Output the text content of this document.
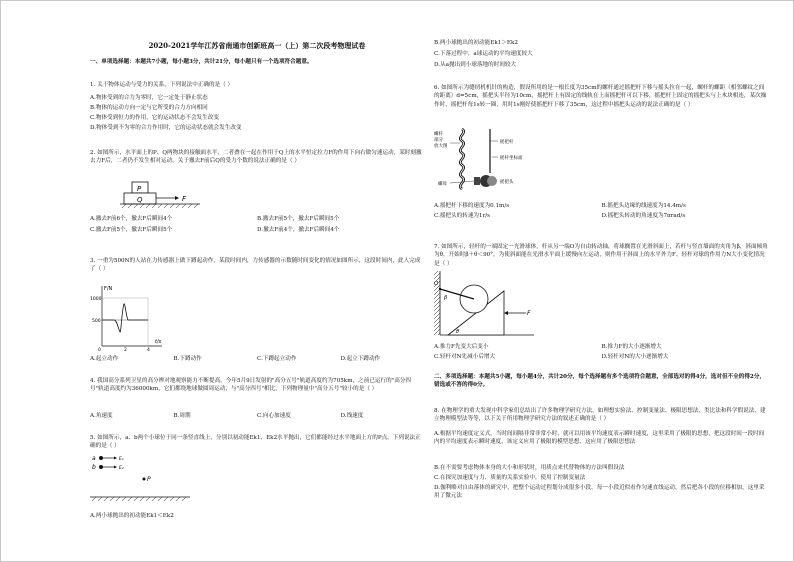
2020-2021学年江苏省南通市创新班高一（上）第二次段考物理试卷
一、单项选择题：本题共7小题，每小题3分，共计21分，每小题只有一个选项符合题意。
1. 关于物体运动与受力的关系，下列说法中正确的是（ ）
A.物体受到的合力为零时，它一定处于静止状态
B.物体的运动方向一定与它所受的合力方向相同
C.物体受到恒力的作用，它的运动状态不会发生改变
D.物体受到不为零的合力作用时，它的运动状态就会发生改变
2. 如图所示，水平面上的P、Q两物块的接触面水平，二者叠在一起在作用于Q上的水平恒定拉力F的作用下向右做匀速运动，某时刻撤去力F后，二者仍不发生相对运动。关于撤去F前后Q的受力个数的说法正确的是（ ）
P
Q	F
A.撤去F前6个，撤去F后瞬间4个	B.撤去F前5个，撤去F后瞬间5个
C.撤去F前5个，撤去F后瞬间5个	D.撤去F前4个，撤去F后瞬间4个
3. 一重为500N的人站在力传感器上做下蹲起动作，某段时间内，力传感器的示数随时间变化的情况如图所示，这段时间内，此人完成了（ ）
F/N
1000
500
0	2	4
t/s
A.起立动作	B.下蹲动作	C.下蹲起立动作	D.起立下蹲动作
4. 我国高分系列卫星的高分辨对地观察能力不断提高，今年5月9日发射的"高分五号"轨道高度约为705km，之前已运行的"高分四号"轨道高度约为36000km，它们都绕地球做圆周运动，与"高分四号"相比，下列物理量中"高分五号"较小的是（ ）
A.角速度	B.周期	C.向心加速度	D.线速度
5. 如图所示，a、b两个小球位于同一条竖直线上，分别以初动能Ek1、Ek2水平抛出，它们都能经过水平地面上方的P点，下列说法正确的是（ ）
a
b
E₁
E₂
P
A.两小球抛出的初动能Ek1＜Ek2
B.两小球抛出的初动能Ek1＞Ek2
C.下落过程中，a球运动的平均速度较大
D.从a抛出到小球落地的时间较大
6. 如图所示为缝纫机机针的构造，假设所用的是一根长度为35cm的螺杆通过摇把杆下移与摇头拉在一起，螺杆的螺距（相邻螺纹之间的距离）d=5cm，摇把头半径为10cm，摇把杆上有固定的线轨在上而摇把杆可以下移，摇把杆上固定的摇把头与上木块相连，某次操作时，摇把杆每1s转一圈，用时1s刚好使摇把杆下移了35cm，这过程中摇把头运动的说法正确的是（ ）
螺杆
部分
放大图
摇把杆
摇杆坐标面
螺母	摇把头
A.摇把杆下移的速度为0.1m/s	B.摇把头边缘的线速度为14.4m/s
C.摇把头的转速为1r/s	D.摇把头转动的角速度为7πrad/s
7. 如图所示，轻杆的一端固定一光滑球体，杆从另一端O为自由转动轴，将球搁置在光滑斜面上，若杆与竖直墙面的夹角为β，斜面倾角为θ，开始时β＋θ＜90°，为使斜面能在光滑水平面上缓慢向左运动，则作用于斜面上的水平外力F、轻杆对球的作用力N大小变化情况是（ ）
O
β
θ
F
A.推力F先变大后变小	B.推力F的大小逐渐增大
C.轻杆对N先减小后增大	D.轻杆对N的大小逐渐增大
二、多项选择题：本题共5小题，每小题4分，共计20分，每个选择题有多个选项符合题意，全部选对的得4分，选对但不全的得2分，错选或不答的得0分。
8. 在物理学的重大发现中科学家们总结出了许多物理学研究方法，如理想实验法、控制变量法、极限思想法、类比法和科学假说法、建立物理模型法等等，以下关于所用物理学研究方法的叙述正确的是（ ）
A.根据平均速度定义式，当时间间隔非常非常小时，就可以用该平均速度表示瞬时速度，这里采用了极限的思想，把这段时间一段时间内的平均速度表示瞬时速度，该定义应用了极限的模型思想，这应用了极限思想法
B.在不需要考虑物体本身的大小和形状时，用质点来代替物体的方法叫假设法
C.在探究加速度与力、质量的关系实验中，使用了控制变量法
D.伽利略对自由落体的研究中，把整个运动过程划分成很多小段，每一小段近似看作匀速直线运动，然后把各小段的位移相加，这里采用了微元法
